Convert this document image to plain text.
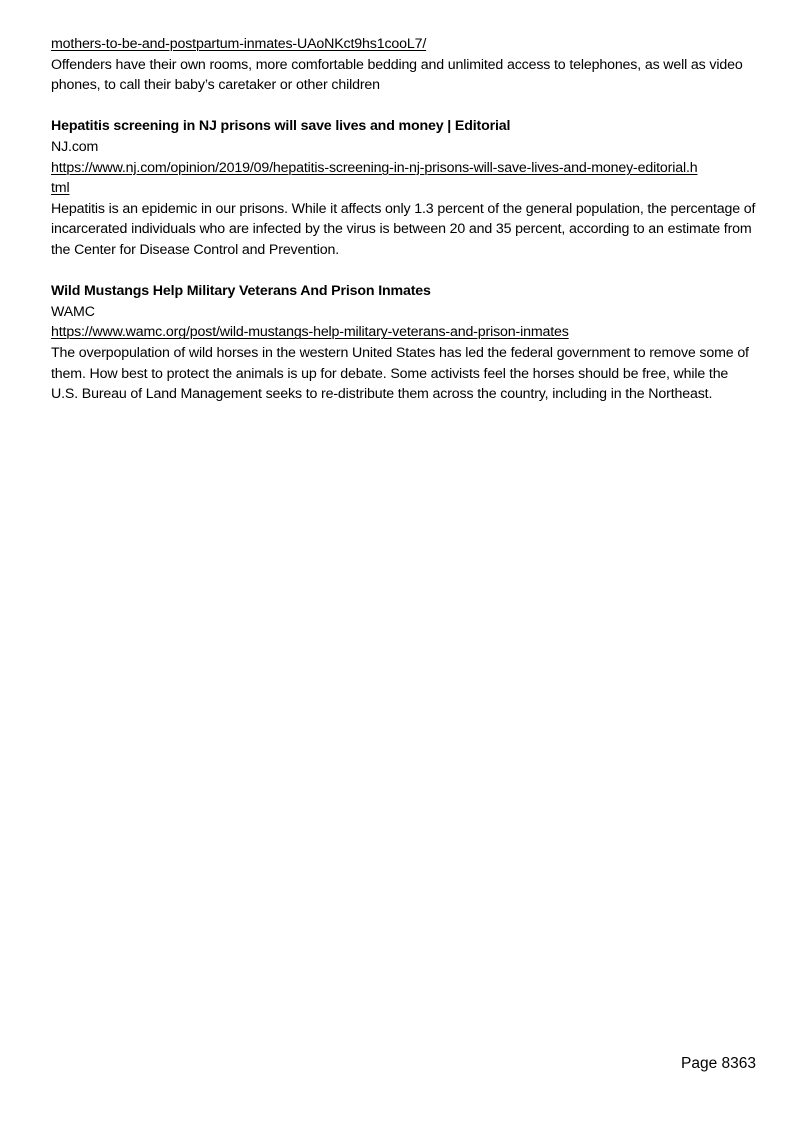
mothers-to-be-and-postpartum-inmates-UAoNKct9hs1cooL7/
Offenders have their own rooms, more comfortable bedding and unlimited access to telephones, as well as video phones, to call their baby’s caretaker or other children
Hepatitis screening in NJ prisons will save lives and money | Editorial
NJ.com
https://www.nj.com/opinion/2019/09/hepatitis-screening-in-nj-prisons-will-save-lives-and-money-editorial.html
Hepatitis is an epidemic in our prisons. While it affects only 1.3 percent of the general population, the percentage of incarcerated individuals who are infected by the virus is between 20 and 35 percent, according to an estimate from the Center for Disease Control and Prevention.
Wild Mustangs Help Military Veterans And Prison Inmates
WAMC
https://www.wamc.org/post/wild-mustangs-help-military-veterans-and-prison-inmates
The overpopulation of wild horses in the western United States has led the federal government to remove some of them. How best to protect the animals is up for debate. Some activists feel the horses should be free, while the U.S. Bureau of Land Management seeks to re-distribute them across the country, including in the Northeast.
Page 8363
